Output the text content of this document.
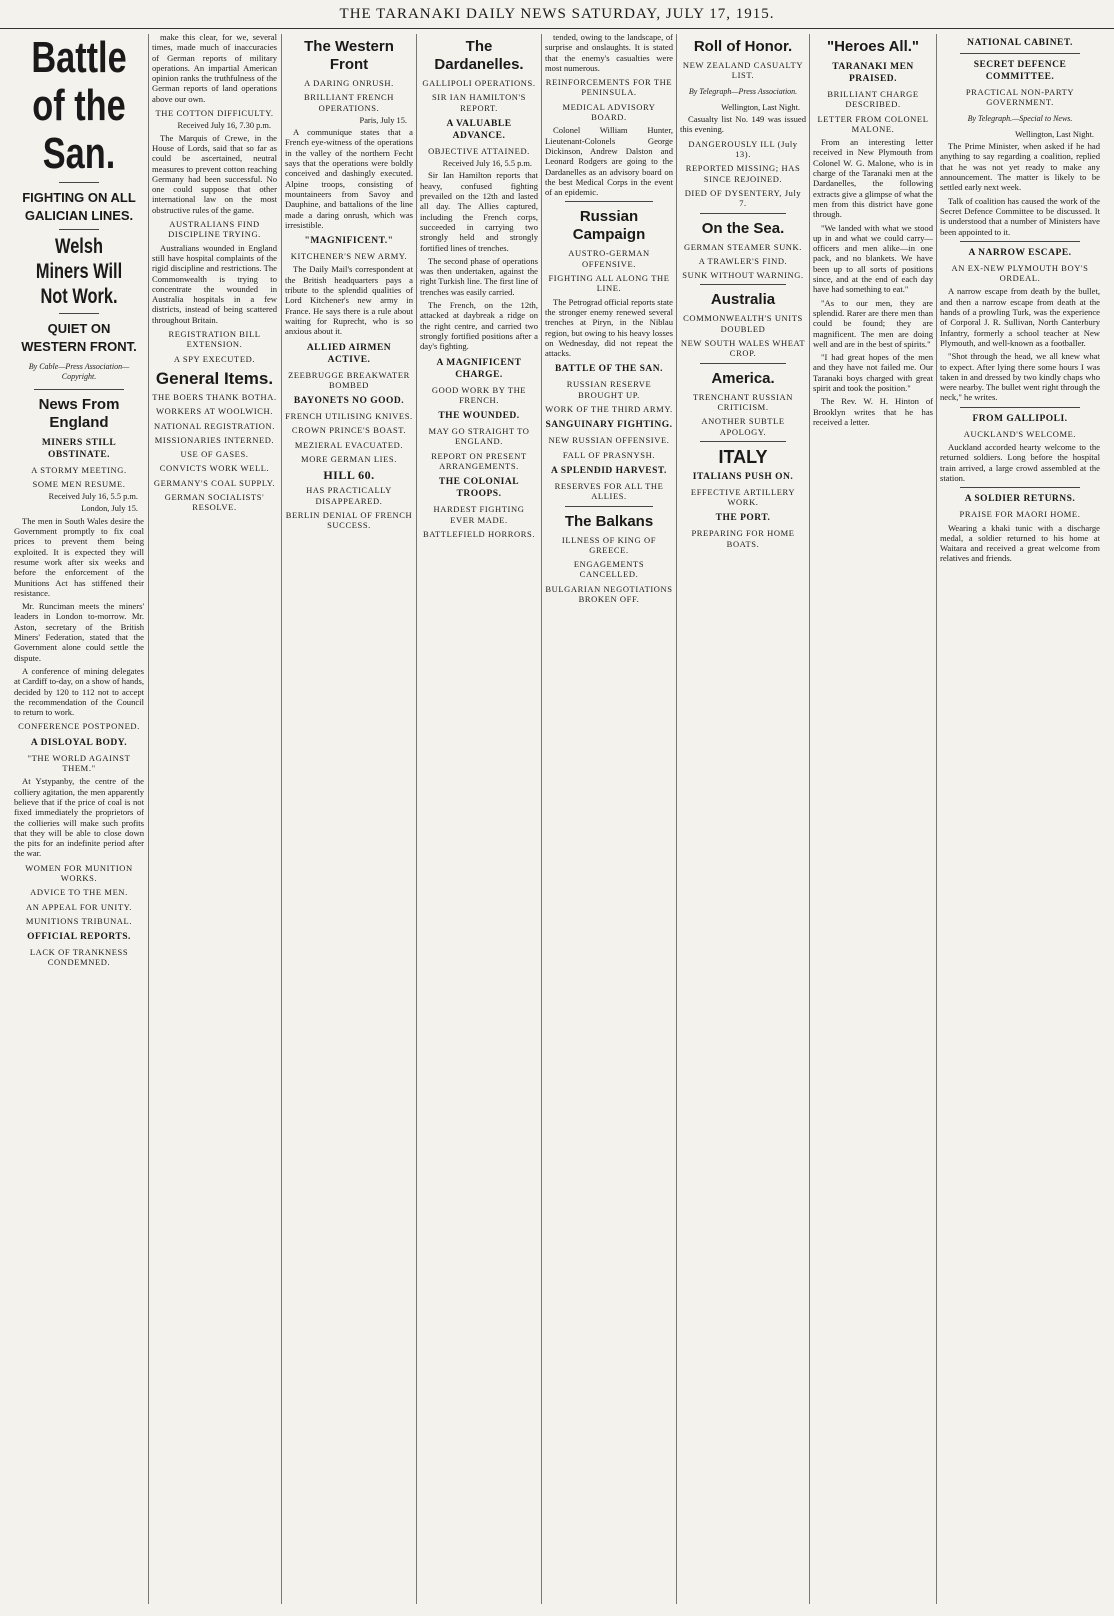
THE TARANAKI DAILY NEWS SATURDAY, JULY 17, 1915.
Battle of the San.
FIGHTING ON ALL GALICIAN LINES.
Welsh Miners Will Not Work.
QUIET ON WESTERN FRONT.
By Cable—Press Association—Copyright.
News From England
MINERS STILL OBSTINATE.
A STORMY MEETING.
SOME MEN RESUME.
Received July 16, 5.5 p.m.
London, July 15.

The men in South Wales desire the Government promptly to fix coal prices to prevent them being exploited. It is expected they will resume work after six weeks and before the enforcement of the Munitions Act has stiffened their resistance.

Mr. Runciman meets the miners' leaders in London to-morrow. Mr. Aston, secretary of the British Miners' Federation, stated that the Government alone could settle the dispute.

A conference of mining delegates at Cardiff to-day, on a show of hands, decided by 120 to 112 not to accept the recommendation of the Council to return to work.

CONFERENCE POSTPONED.
A DISLOYAL BODY.
"THE WORLD AGAINST THEM."

At Ystypanby, the centre of the colliery agitation, the men apparently believe that if the price of coal is not fixed immediately the proprietors of the collieries will make such profits that they will be able to close down the pits for an indefinite period after the war.

WOMEN FOR MUNITION WORKS.
ADVICE TO THE MEN.
AN APPEAL FOR UNITY.
MUNITIONS TRIBUNAL.
OFFICIAL REPORTS.
LACK OF TRANKNESS CONDEMNED.

make this clear, for we, several times, made much of inaccuracies of German reports of military operations. An impartial American opinion ranks the truthfulness of the German reports of land operations above our own.

THE COTTON DIFFICULTY.
Received July 16, 7.30 p.m.

The Marquis of Crewe, in the House of Lords, said that so far as could be ascertained, neutral measures to prevent cotton reaching Germany had been successful. No one could suppose that other international law on the most obstructive rules of the game.

AUSTRALIANS FIND DISCIPLINE TRYING.

Australians wounded in England still have hospital complaints of the rigid discipline and restrictions. The Commonwealth is trying to concentrate the wounded in Australia hospitals in a few districts, instead of being scattered throughout Britain.

REGISTRATION BILL EXTENSION.
A SPY EXECUTED.
General Items.
THE BOERS THANK BOTHA.
WORKERS AT WOOLWICH.
NATIONAL REGISTRATION.
MISSIONARIES INTERNED.
USE OF GASES.
CONVICTS WORK WELL.
GERMANY'S COAL SUPPLY.
GERMAN SOCIALISTS' RESOLVE.
The Western Front
A DARING ONRUSH.
BRILLIANT FRENCH OPERATIONS.
Paris, July 15.

A communique states that a French eye-witness of the operations in the valley of the northern Fecht says that the operations were boldly conceived and dashingly executed. Alpine troops, consisting of mountaineers from Savoy and Dauphine, and battalions of the line made a daring onrush, which was irresistible.

"MAGNIFICENT."
KITCHENER'S NEW ARMY.

The Daily Mail's correspondent at the British headquarters pays a tribute to the splendid qualities of Lord Kitchener's new army in France. He says there is a rule about waiting for Ruprecht, who is so anxious about it.

ALLIED AIRMEN ACTIVE.
ZEEBRUGGE BREAKWATER BOMBED
BAYONETS NO GOOD.
FRENCH UTILISING KNIVES.
CROWN PRINCE'S BOAST.
MEZIERAL EVACUATED.
MORE GERMAN LIES.
HILL 60.
HAS PRACTICALLY DISAPPEARED.
BERLIN DENIAL OF FRENCH SUCCESS.
The Dardanelles.
GALLIPOLI OPERATIONS.
SIR IAN HAMILTON'S REPORT.
A VALUABLE ADVANCE.
OBJECTIVE ATTAINED.
Received July 16, 5.5 p.m.

Sir Ian Hamilton reports that heavy, confused fighting prevailed on the 12th and lasted all day. The Allies captured, including the French corps, succeeded in carrying two strongly held and strongly fortified lines of trenches.

The second phase of operations was then undertaken, against the right Turkish line. The first line of trenches was easily carried.

The French, on the 12th, attacked at daybreak a ridge on the right centre, and carried two strongly fortified positions after a day's fighting.

A MAGNIFICENT CHARGE.
GOOD WORK BY THE FRENCH.
THE WOUNDED.
MAY GO STRAIGHT TO ENGLAND.
REPORT ON PRESENT ARRANGEMENTS.
THE COLONIAL TROOPS.
HARDEST FIGHTING EVER MADE.
BATTLEFIELD HORRORS.

tended, owing to the landscape, of surprise and onslaughts. It is stated that the enemy's casualties were most numerous.

REINFORCEMENTS FOR THE PENINSULA.
MEDICAL ADVISORY BOARD.

Colonel William Hunter, Lieutenant-Colonels George Dickinson, Andrew Dalston and Leonard Rodgers are going to the Dardanelles as an advisory board on the best Medical Corps in the event of an epidemic.

Russian Campaign
AUSTRO-GERMAN OFFENSIVE.
FIGHTING ALL ALONG THE LINE.

The Petrograd official reports state the stronger enemy renewed several trenches at Piryn, in the Niblau region, but owing to his heavy losses on Wednesday, did not repeat the attacks.

BATTLE OF THE SAN.
RUSSIAN RESERVE BROUGHT UP.
WORK OF THE THIRD ARMY.
SANGUINARY FIGHTING.
NEW RUSSIAN OFFENSIVE.
FALL OF PRASNYSH.
A SPLENDID HARVEST.
RESERVES FOR ALL THE ALLIES.
The Balkans
ILLNESS OF KING OF GREECE.
ENGAGEMENTS CANCELLED.
BULGARIAN NEGOTIATIONS BROKEN OFF.
Roll of Honor.
NEW ZEALAND CASUALTY LIST.
By Telegraph—Press Association.
Wellington, Last Night.

Casualty list No. 149 was issued this evening.

DANGEROUSLY ILL (July 13).
REPORTED MISSING; HAS SINCE REJOINED.
DIED OF DYSENTERY, July 7.
On the Sea.
GERMAN STEAMER SUNK.
A TRAWLER'S FIND.
SUNK WITHOUT WARNING.
Australia
COMMONWEALTH'S UNITS DOUBLED
NEW SOUTH WALES WHEAT CROP.
America.
TRENCHANT RUSSIAN CRITICISM.
ANOTHER SUBTLE APOLOGY.
ITALY
ITALIANS PUSH ON.
EFFECTIVE ARTILLERY WORK.
THE PORT.
PREPARING FOR HOME BOATS.
"Heroes All."
TARANAKI MEN PRAISED.
BRILLIANT CHARGE DESCRIBED.
LETTER FROM COLONEL MALONE.

From an interesting letter received in New Plymouth from Colonel W. G. Malone, who is in charge of the Taranaki men at the Dardanelles, the following extracts give a glimpse of what the men from this district have gone through.

"We landed with what we stood up in and what we could carry—officers and men alike—in one pack, and no blankets. We have been up to all sorts of positions since, and at the end of each day have had something to eat."

"As to our men, they are splendid. Rarer are there men than could be found; they are magnificent. The men are doing well and are in the best of spirits."

"I had great hopes of the men and they have not failed me. Our Taranaki boys charged with great spirit and took the position."

The Rev. W. H. Hinton of Brooklyn writes that he has received a letter.

NATIONAL CABINET.
SECRET DEFENCE COMMITTEE.
PRACTICAL NON-PARTY GOVERNMENT.
By Telegraph.—Special to News.
Wellington, Last Night.

The Prime Minister, when asked if he had anything to say regarding a coalition, replied that he was not yet ready to make any announcement. The matter is likely to be settled early next week.

Talk of coalition has caused the work of the Secret Defence Committee to be discussed. It is understood that a number of Ministers have been appointed to it.

A NARROW ESCAPE.
AN EX-NEW PLYMOUTH BOY'S ORDEAL.

A narrow escape from death by the bullet, and then a narrow escape from death at the hands of a prowling Turk, was the experience of Corporal J. R. Sullivan, North Canterbury Infantry, formerly a school teacher at New Plymouth, and well-known as a footballer.

"Shot through the head, we all knew what to expect. After lying there some hours I was taken in and dressed by two kindly chaps who were nearby. The bullet went right through the neck," he writes.

FROM GALLIPOLI.
AUCKLAND'S WELCOME.

Auckland accorded hearty welcome to the returned soldiers. Long before the hospital train arrived, a large crowd assembled at the station.

A SOLDIER RETURNS.
PRAISE FOR MAORI HOME.

Wearing a khaki tunic with a discharge medal, a soldier returned to his home at Waitara and received a great welcome from relatives and friends.
